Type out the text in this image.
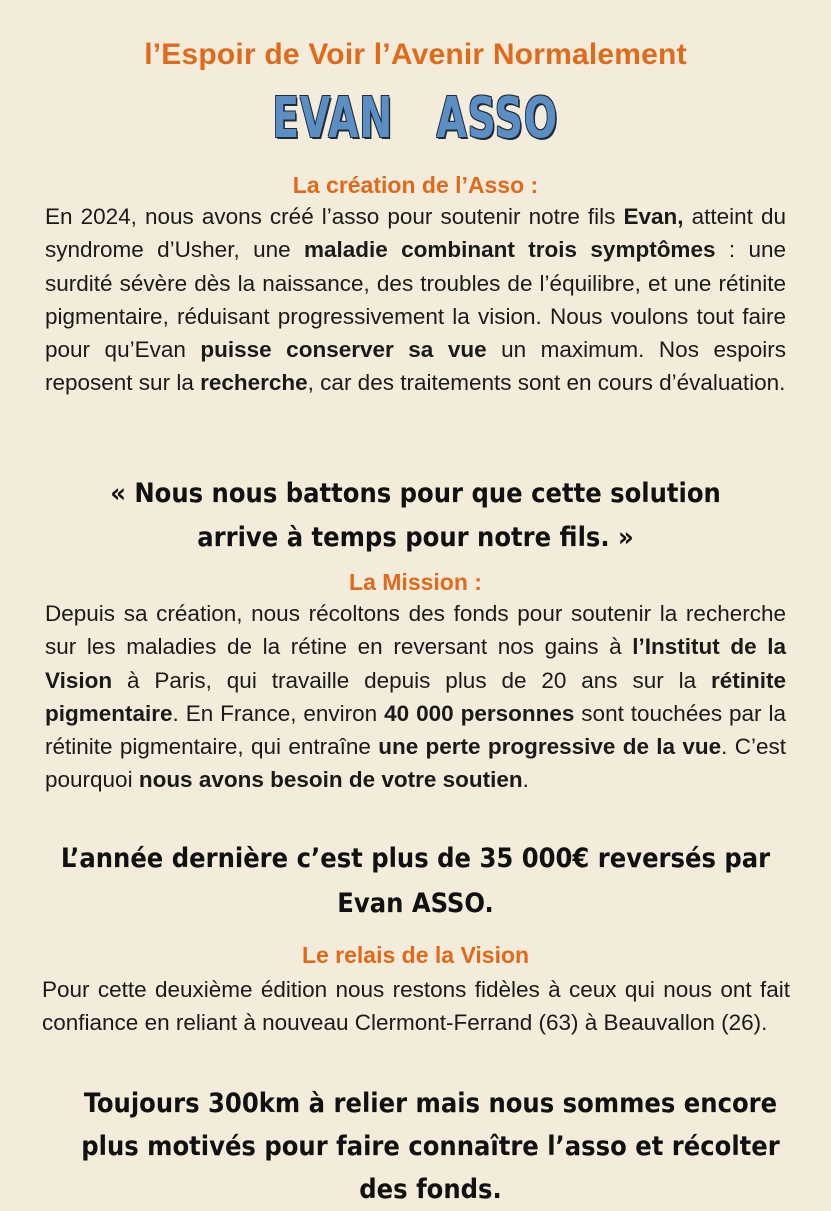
l’Espoir de Voir l’Avenir Normalement
EVAN   ASSO
La création de l’Asso :
En 2024, nous avons créé l’asso pour soutenir notre fils Evan, atteint du syndrome d’Usher, une maladie combinant trois symptômes : une surdité sévère dès la naissance, des troubles de l’équilibre, et une rétinite pigmentaire, réduisant progressivement la vision. Nous voulons tout faire pour qu’Evan puisse conserver sa vue un maximum. Nos espoirs reposent sur la recherche, car des traitements sont en cours d’évaluation.
« Nous nous battons pour que cette solution arrive à temps pour notre fils. »
La Mission :
Depuis sa création, nous récoltons des fonds pour soutenir la recherche sur les maladies de la rétine en reversant nos gains à l’Institut de la Vision à Paris, qui travaille depuis plus de 20 ans sur la rétinite pigmentaire. En France, environ 40 000 personnes sont touchées par la rétinite pigmentaire, qui entraîne une perte progressive de la vue. C’est pourquoi nous avons besoin de votre soutien.
L’année dernière c’est plus de 35 000€ reversés par Evan ASSO.
Le relais de la Vision
Pour cette deuxième édition nous restons fidèles à ceux qui nous ont fait confiance en reliant à nouveau Clermont-Ferrand (63) à Beauvallon (26).
Toujours 300km à relier mais nous sommes encore plus motivés pour faire connaître l’asso et récolter des fonds.
